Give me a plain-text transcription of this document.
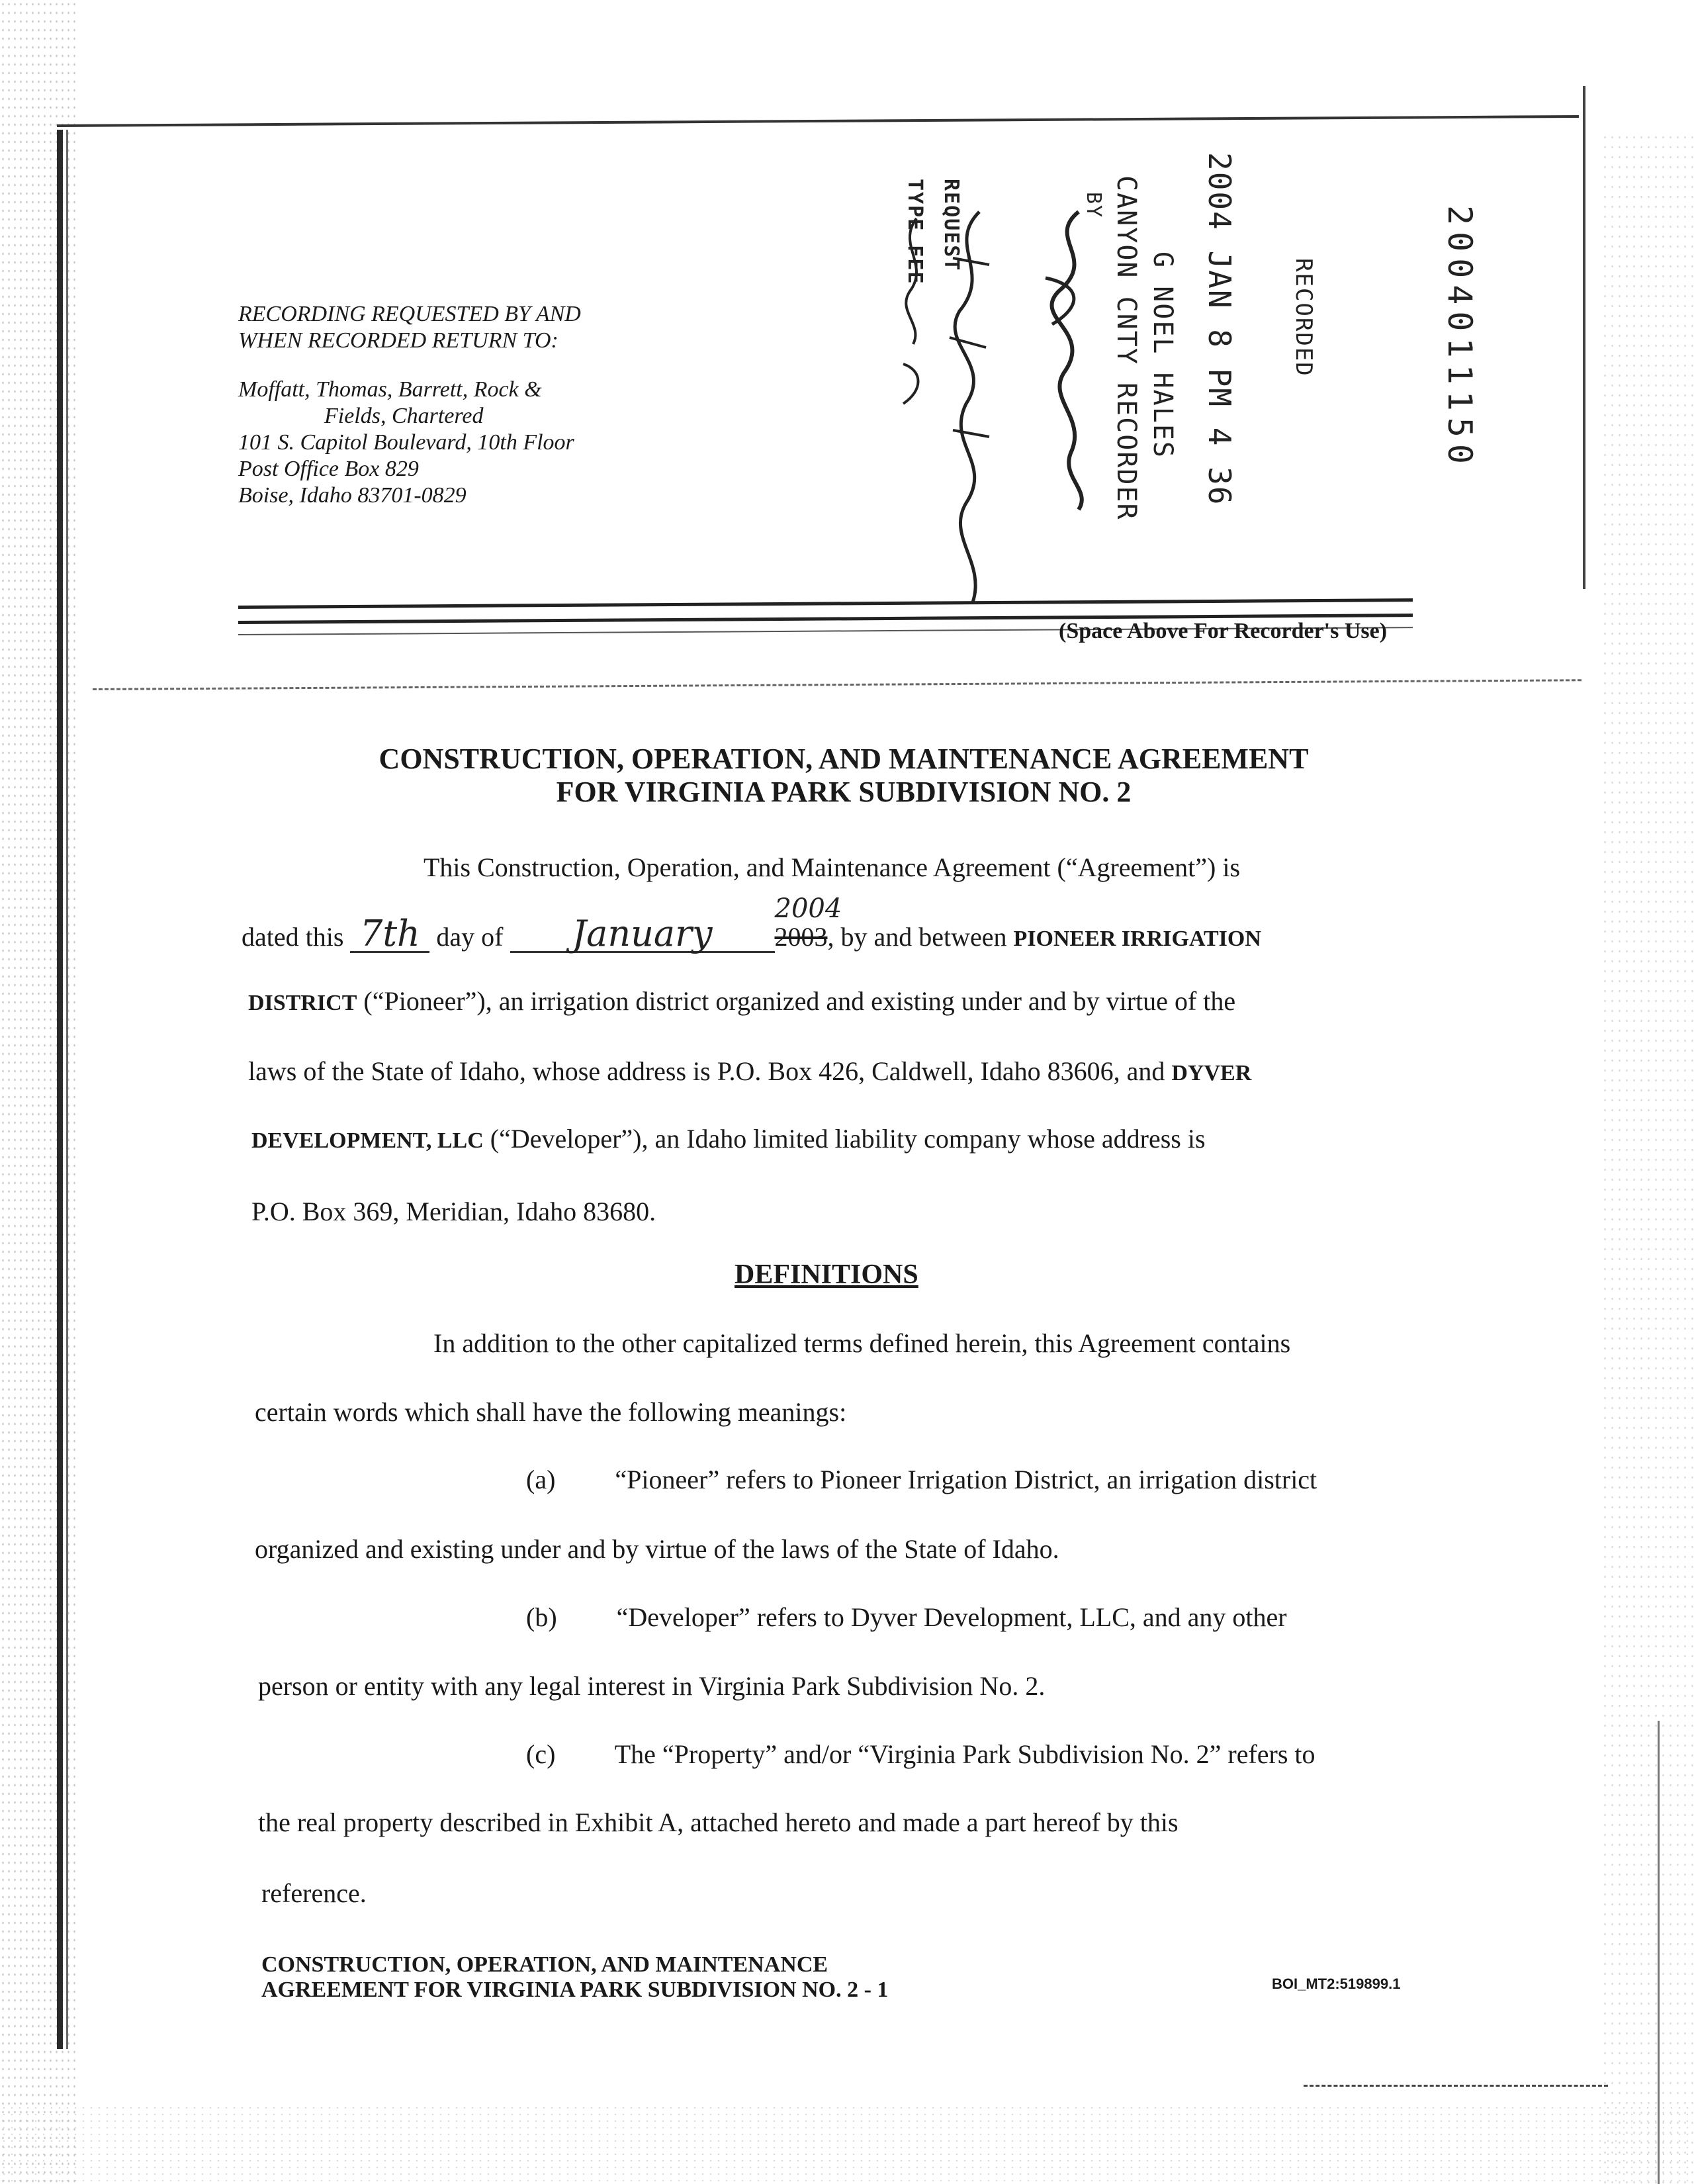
RECORDING REQUESTED BY AND
WHEN RECORDED RETURN TO:
Moffatt, Thomas, Barrett, Rock &
Fields, Chartered
101 S. Capitol Boulevard, 10th Floor
Post Office Box 829
Boise, Idaho 83701-0829
2004011150
RECORDED
2004 JAN 8 PM 4 36
G NOEL HALES
CANYON CNTY RECORDER
BY
REQUEST
TYPE FEE
(Space Above For Recorder's Use)
CONSTRUCTION, OPERATION, AND MAINTENANCE AGREEMENT
FOR VIRGINIA PARK SUBDIVISION NO. 2
This Construction, Operation, and Maintenance Agreement (“Agreement”) is
dated this 7th day of January 2003
2004
, by and between PIONEER IRRIGATION
DISTRICT (“Pioneer”), an irrigation district organized and existing under and by virtue of the
laws of the State of Idaho, whose address is P.O. Box 426, Caldwell, Idaho 83606, and DYVER
DEVELOPMENT, LLC (“Developer”), an Idaho limited liability company whose address is
P.O. Box 369, Meridian, Idaho 83680.
DEFINITIONS
In addition to the other capitalized terms defined herein, this Agreement contains
certain words which shall have the following meanings:
(a) “Pioneer” refers to Pioneer Irrigation District, an irrigation district
organized and existing under and by virtue of the laws of the State of Idaho.
(b) “Developer” refers to Dyver Development, LLC, and any other
person or entity with any legal interest in Virginia Park Subdivision No. 2.
(c) The “Property” and/or “Virginia Park Subdivision No. 2” refers to
the real property described in Exhibit A, attached hereto and made a part hereof by this
reference.
CONSTRUCTION, OPERATION, AND MAINTENANCE
AGREEMENT FOR VIRGINIA PARK SUBDIVISION NO. 2 - 1	BOI_MT2:519899.1
